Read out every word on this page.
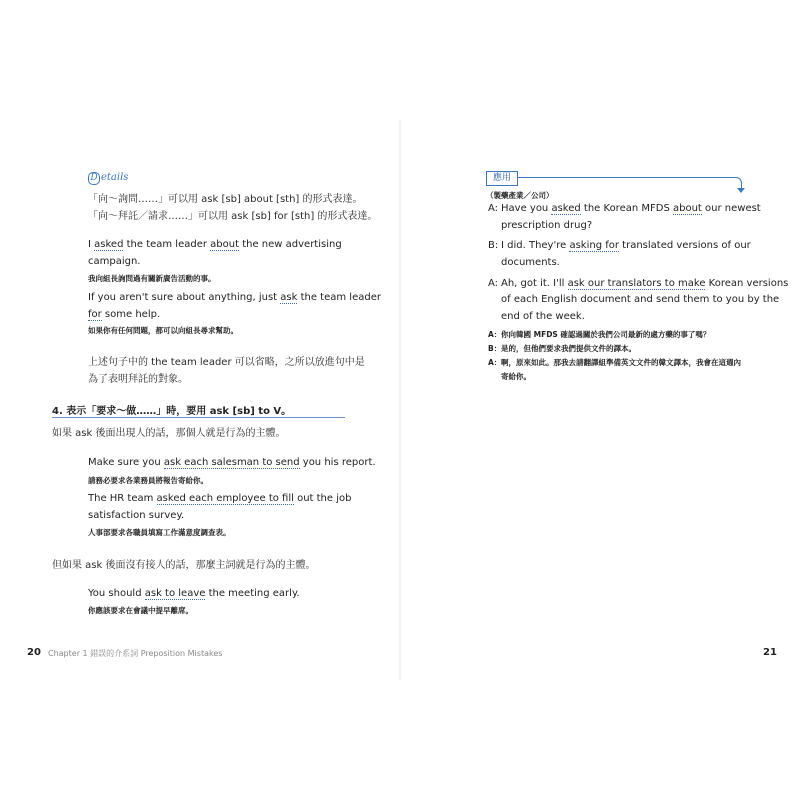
D etails
「向～詢問……」可以用 ask [sb] about [sth] 的形式表達。
「向～拜託／請求……」可以用 ask [sb] for [sth] 的形式表達。
I asked the team leader about the new advertising
campaign.
我向組長詢問過有關新廣告活動的事。
If you aren't sure about anything, just ask the team leader
for some help.
如果你有任何問題，都可以向組長尋求幫助。
上述句子中的 the team leader 可以省略，之所以放進句中是
為了表明拜託的對象。
4. 表示「要求～做……」時，要用 ask [sb] to V。
如果 ask 後面出現人的話，那個人就是行為的主體。
Make sure you ask each salesman to send you his report.
請務必要求各業務員將報告寄給你。
The HR team asked each employee to fill out the job
satisfaction survey.
人事部要求各職員填寫工作滿意度調查表。
但如果 ask 後面沒有接人的話，那麼主詞就是行為的主體。
You should ask to leave the meeting early.
你應該要求在會議中提早離席。
20 Chapter 1 錯誤的介系詞 Preposition Mistakes
應用
（製藥產業／公司）
A: Have you asked the Korean MFDS about our newest
prescription drug?
B: I did. They're asking for translated versions of our
documents.
A: Ah, got it. I'll ask our translators to make Korean versions
of each English document and send them to you by the
end of the week.
A： 你向韓國 MFDS 確認過關於我們公司最新的處方藥的事了嗎？
B： 是的，但他們要求我們提供文件的譯本。
A： 啊，原來如此。那我去請翻譯組準備英文文件的韓文譯本，我會在這週內
寄給你。
21
